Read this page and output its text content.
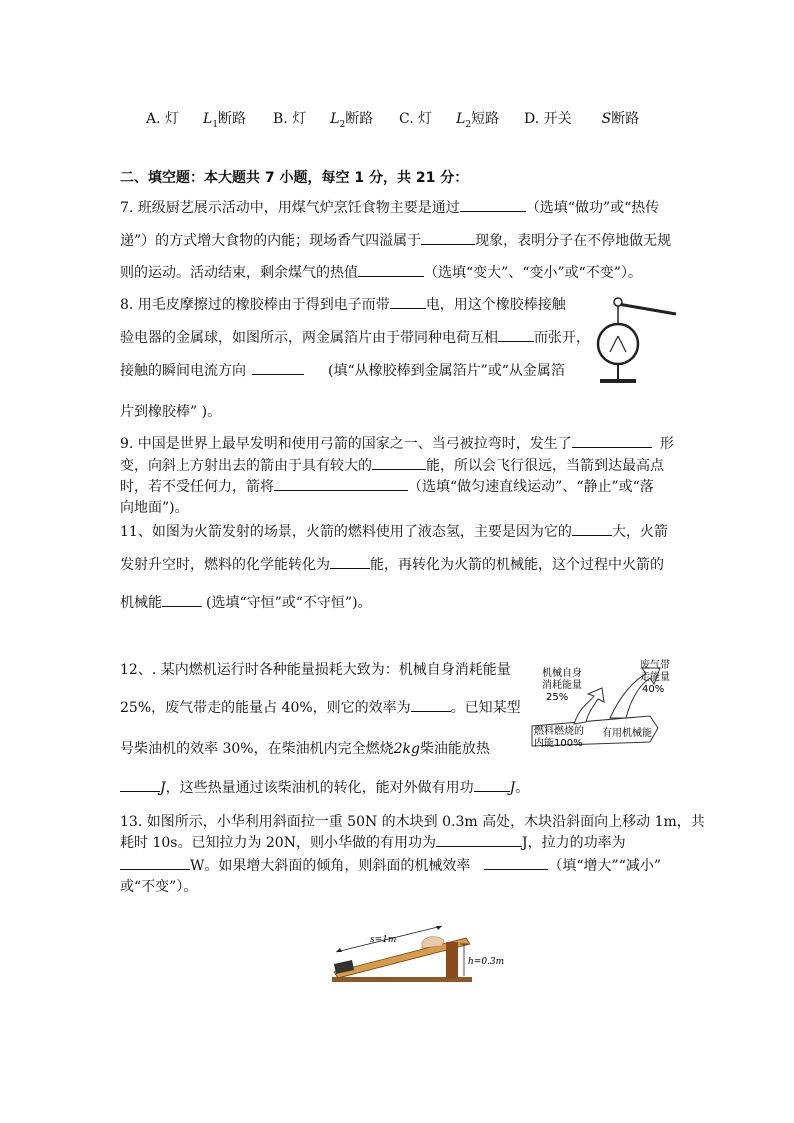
A. 灯 $L_1$断路 B. 灯 $L_2$断路 C. 灯 $L_2$短路 D. 开关 S断路
二、填空题：本大题共 7 小题，每空 1 分，共 21 分：
7. 班级厨艺展示活动中，用煤气炉烹饪食物主要是通过	（选填“做功”或“热传
递”）的方式增大食物的内能；现场香气四溢属于	现象，表明分子在不停地做无规
则的运动。活动结束，剩余煤气的热值	（选填“变大”、“变小”或“不变”）。
8. 用毛皮摩擦过的橡胶棒由于得到电子而带	电，用这个橡胶棒接触
验电器的金属球，如图所示，两金属箔片由于带同种电荷互相	而张开，
接触的瞬间电流方向	(填“从橡胶棒到金属箔片”或“从金属箔
片到橡胶棒” )。
9. 中国是世界上最早发明和使用弓箭的国家之一、当弓被拉弯时，发生了	形
变，向斜上方射出去的箭由于具有较大的	能，所以会飞行很远，当箭到达最高点
时，若不受任何力，箭将	（选填“做匀速直线运动”、“静止”或“落
向地面”)。
11、如图为火箭发射的场景，火箭的燃料使用了液态氢，主要是因为它的	大，火箭
发射升空时，燃料的化学能转化为	能，再转化为火箭的机械能，这个过程中火箭的
机械能	(选填“守恒”或“不守恒”)。
12、. 某内燃机运行时各种能量损耗大致为：机械自身消耗能量
25%，废气带走的能量占 40%，则它的效率为	。已知某型
号柴油机的效率 30%，在柴油机内完全燃烧2kg柴油能放热
J，这些热量通过该柴油机的转化，能对外做有用功	J。
机械自身
消耗能量
25%
废气带
走能量
40%
燃料燃烧的
内能100%
有用机械能
13. 如图所示，小华利用斜面拉一重 50N 的木块到 0.3m 高处，木块沿斜面向上移动 1m，共
耗时 10s。已知拉力为 20N，则小华做的有用功为	J，拉力的功率为
W。如果增大斜面的倾角，则斜面的机械效率	（填“增大”“减小”
或“不变”）。
s=1m
h=0.3m
